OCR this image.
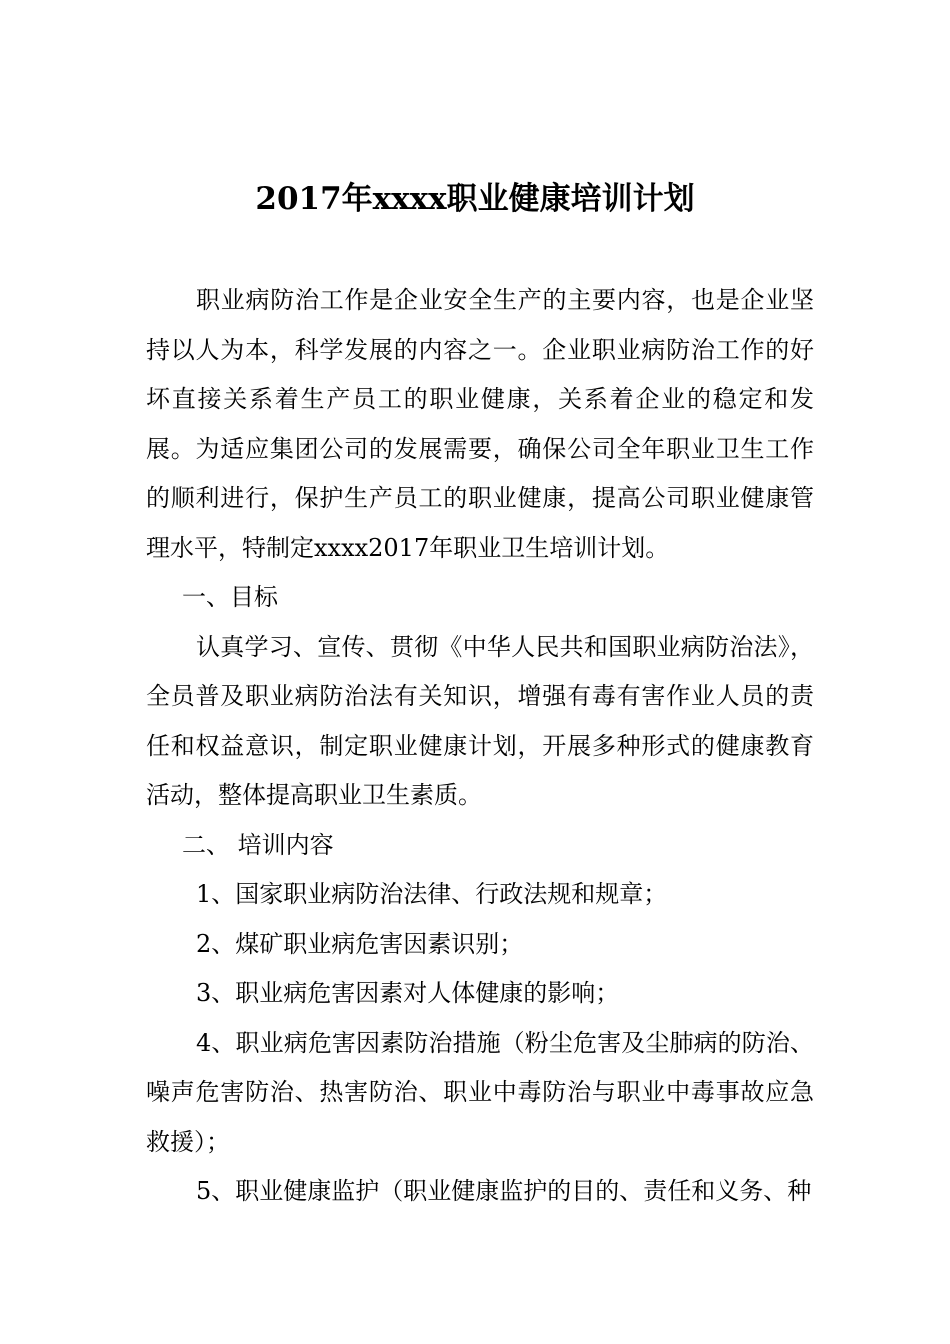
2017年xxxx职业健康培训计划

职业病防治工作是企业安全生产的主要内容，也是企业坚持以人为本，科学发展的内容之一。企业职业病防治工作的好坏直接关系着生产员工的职业健康，关系着企业的稳定和发展。为适应集团公司的发展需要，确保公司全年职业卫生工作的顺利进行，保护生产员工的职业健康，提高公司职业健康管理水平，特制定xxxx2017年职业卫生培训计划。

一、目标

认真学习、宣传、贯彻《中华人民共和国职业病防治法》，全员普及职业病防治法有关知识，增强有毒有害作业人员的责任和权益意识，制定职业健康计划，开展多种形式的健康教育活动，整体提高职业卫生素质。

二、 培训内容

1、国家职业病防治法律、行政法规和规章；

2、煤矿职业病危害因素识别；

3、职业病危害因素对人体健康的影响；

4、职业病危害因素防治措施（粉尘危害及尘肺病的防治、噪声危害防治、热害防治、职业中毒防治与职业中毒事故应急救援）；

5、职业健康监护（职业健康监护的目的、责任和义务、种
